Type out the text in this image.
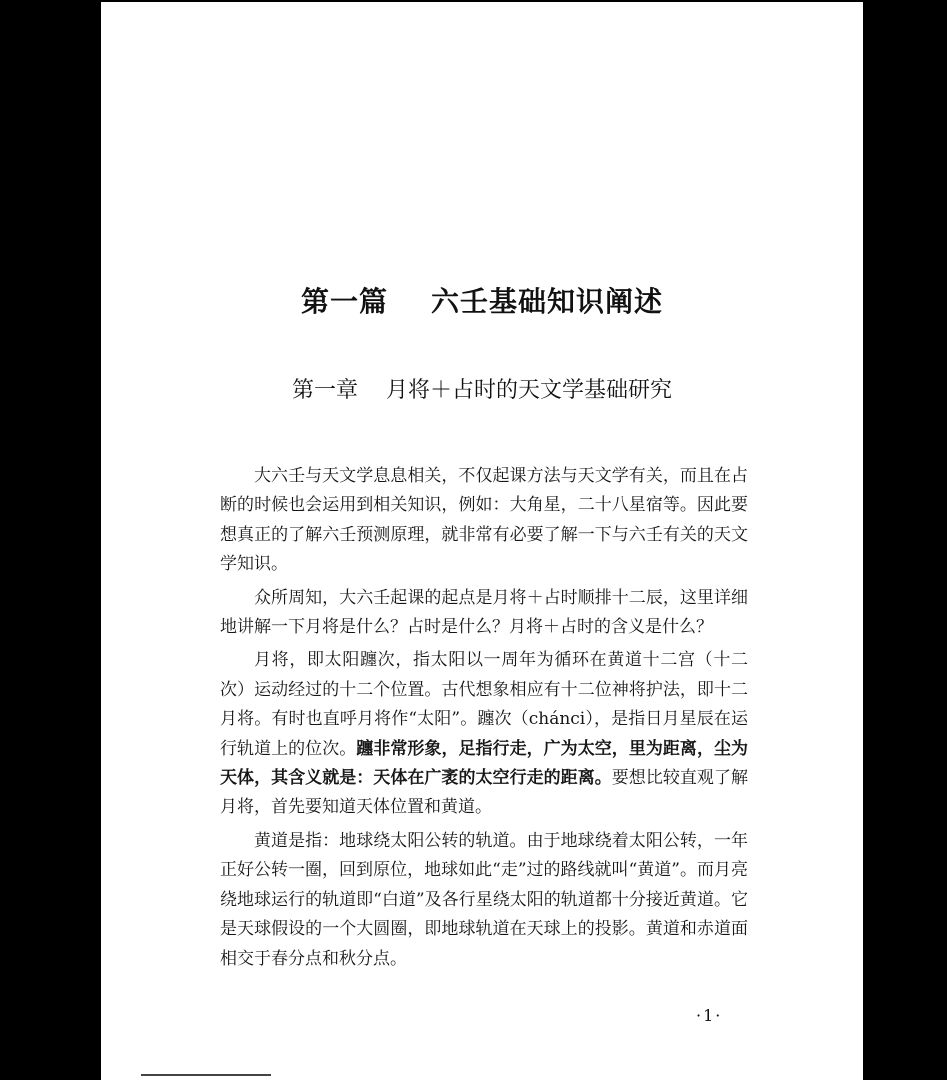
第一篇    六壬基础知识阐述
第一章    月将＋占时的天文学基础研究

大六壬与天文学息息相关，不仅起课方法与天文学有关，而且在占断的时候也会运用到相关知识，例如：大角星，二十八星宿等。因此要想真正的了解六壬预测原理，就非常有必要了解一下与六壬有关的天文学知识。

众所周知，大六壬起课的起点是月将＋占时顺排十二辰，这里详细地讲解一下月将是什么？占时是什么？月将＋占时的含义是什么？

月将，即太阳躔次，指太阳以一周年为循环在黄道十二宫（十二次）运动经过的十二个位置。古代想象相应有十二位神将护法，即十二月将。有时也直呼月将作“太阳”。躔次（chánci），是指日月星辰在运行轨道上的位次。躔非常形象，足指行走，广为太空，里为距离，尘为天体，其含义就是：天体在广袤的太空行走的距离。要想比较直观了解月将，首先要知道天体位置和黄道。

黄道是指：地球绕太阳公转的轨道。由于地球绕着太阳公转，一年正好公转一圈，回到原位，地球如此“走”过的路线就叫“黄道”。而月亮绕地球运行的轨道即“白道”及各行星绕太阳的轨道都十分接近黄道。它是天球假设的一个大圆圈，即地球轨道在天球上的投影。黄道和赤道面相交于春分点和秋分点。

·1·
